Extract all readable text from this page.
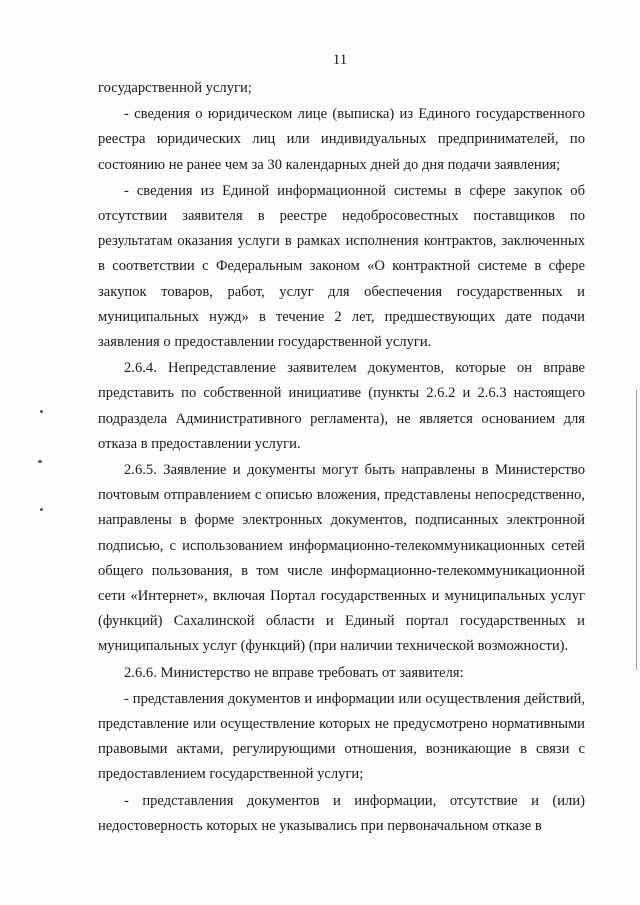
11

государственной услуги;

- сведения о юридическом лице (выписка) из Единого государственного реестра юридических лиц или индивидуальных предпринимателей, по состоянию не ранее чем за 30 календарных дней до дня подачи заявления;

- сведения из Единой информационной системы в сфере закупок об отсутствии заявителя в реестре недобросовестных поставщиков по результатам оказания услуги в рамках исполнения контрактов, заключенных в соответствии с Федеральным законом «О контрактной системе в сфере закупок товаров, работ, услуг для обеспечения государственных и муниципальных нужд» в течение 2 лет, предшествующих дате подачи заявления о предоставлении государственной услуги.

2.6.4. Непредставление заявителем документов, которые он вправе представить по собственной инициативе (пункты 2.6.2 и 2.6.3 настоящего подраздела Административного регламента), не является основанием для отказа в предоставлении услуги.

2.6.5. Заявление и документы могут быть направлены в Министерство почтовым отправлением с описью вложения, представлены непосредственно, направлены в форме электронных документов, подписанных электронной подписью, с использованием информационно-телекоммуникационных сетей общего пользования, в том числе информационно-телекоммуникационной сети «Интернет», включая Портал государственных и муниципальных услуг (функций) Сахалинской области и Единый портал государственных и муниципальных услуг (функций) (при наличии технической возможности).

2.6.6. Министерство не вправе требовать от заявителя:

- представления документов и информации или осуществления действий, представление или осуществление которых не предусмотрено нормативными правовыми актами, регулирующими отношения, возникающие в связи с предоставлением государственной услуги;

- представления документов и информации, отсутствие и (или) недостоверность которых не указывались при первоначальном отказе в
